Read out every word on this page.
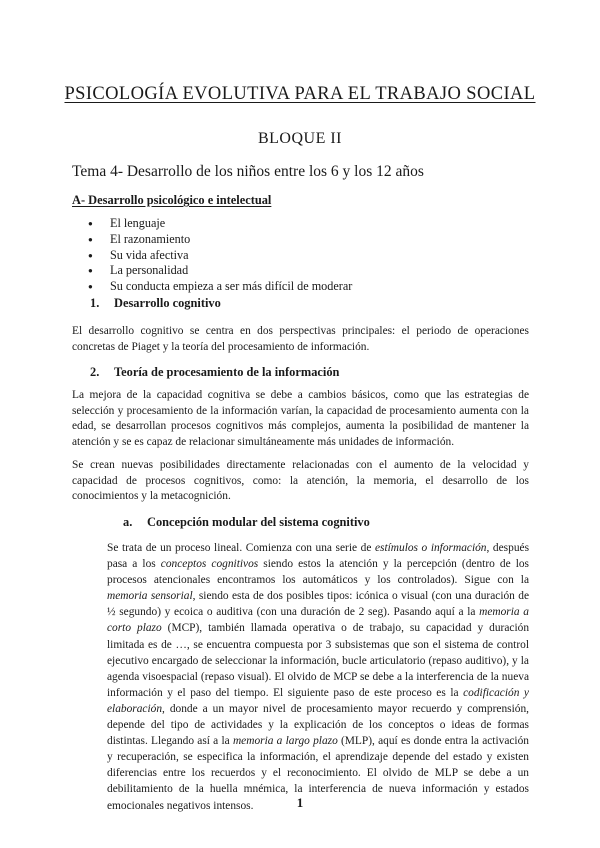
PSICOLOGÍA EVOLUTIVA PARA EL TRABAJO SOCIAL
BLOQUE II
Tema 4- Desarrollo de los niños entre los 6 y los 12 años
A- Desarrollo psicológico e intelectual
● El lenguaje
● El razonamiento
● Su vida afectiva
● La personalidad
● Su conducta empieza a ser más difícil de moderar
1. Desarrollo cognitivo

El desarrollo cognitivo se centra en dos perspectivas principales: el periodo de operaciones concretas de Piaget y la teoría del procesamiento de información.

2. Teoría de procesamiento de la información

La mejora de la capacidad cognitiva se debe a cambios básicos, como que las estrategias de selección y procesamiento de la información varían, la capacidad de procesamiento aumenta con la edad, se desarrollan procesos cognitivos más complejos, aumenta la posibilidad de mantener la atención y se es capaz de relacionar simultáneamente más unidades de información.

Se crean nuevas posibilidades directamente relacionadas con el aumento de la velocidad y capacidad de procesos cognitivos, como: la atención, la memoria, el desarrollo de los conocimientos y la metacognición.

a. Concepción modular del sistema cognitivo

Se trata de un proceso lineal. Comienza con una serie de estímulos o información, después pasa a los conceptos cognitivos siendo estos la atención y la percepción (dentro de los procesos atencionales encontramos los automáticos y los controlados). Sigue con la memoria sensorial, siendo esta de dos posibles tipos: icónica o visual (con una duración de ½ segundo) y ecoica o auditiva (con una duración de 2 seg). Pasando aquí a la memoria a corto plazo (MCP), también llamada operativa o de trabajo, su capacidad y duración limitada es de …, se encuentra compuesta por 3 subsistemas que son el sistema de control ejecutivo encargado de seleccionar la información, bucle articulatorio (repaso auditivo), y la agenda visoespacial (repaso visual). El olvido de MCP se debe a la interferencia de la nueva información y el paso del tiempo. El siguiente paso de este proceso es la codificación y elaboración, donde a un mayor nivel de procesamiento mayor recuerdo y comprensión, depende del tipo de actividades y la explicación de los conceptos o ideas de formas distintas. Llegando así a la memoria a largo plazo (MLP), aquí es donde entra la activación y recuperación, se especifica la información, el aprendizaje depende del estado y existen diferencias entre los recuerdos y el reconocimiento. El olvido de MLP se debe a un debilitamiento de la huella mnémica, la interferencia de nueva información y estados emocionales negativos intensos.	1
